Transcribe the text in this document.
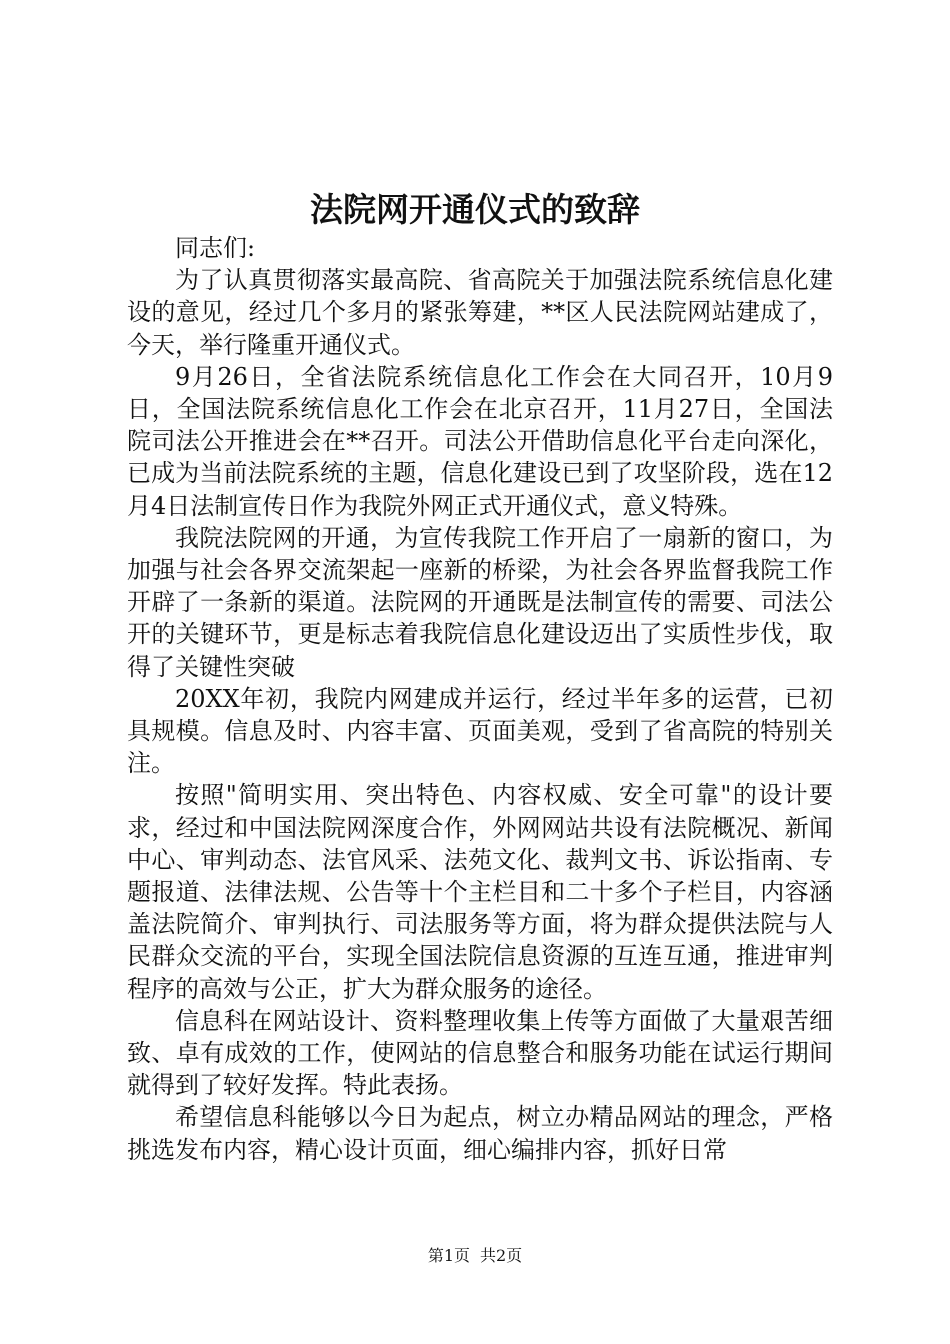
法院网开通仪式的致辞

同志们:

为了认真贯彻落实最高院、省高院关于加强法院系统信息化建设的意见，经过几个多月的紧张筹建，**区人民法院网站建成了，今天，举行隆重开通仪式。

9月26日，全省法院系统信息化工作会在大同召开，10月9日，全国法院系统信息化工作会在北京召开，11月27日，全国法院司法公开推进会在**召开。司法公开借助信息化平台走向深化，已成为当前法院系统的主题，信息化建设已到了攻坚阶段，选在12月4日法制宣传日作为我院外网正式开通仪式，意义特殊。

我院法院网的开通，为宣传我院工作开启了一扇新的窗口，为加强与社会各界交流架起一座新的桥梁，为社会各界监督我院工作开辟了一条新的渠道。法院网的开通既是法制宣传的需要、司法公开的关键环节，更是标志着我院信息化建设迈出了实质性步伐，取得了关键性突破

20XX年初，我院内网建成并运行，经过半年多的运营，已初具规模。信息及时、内容丰富、页面美观，受到了省高院的特别关注。

按照"简明实用、突出特色、内容权威、安全可靠"的设计要求，经过和中国法院网深度合作，外网网站共设有法院概况、新闻中心、审判动态、法官风采、法苑文化、裁判文书、诉讼指南、专题报道、法律法规、公告等十个主栏目和二十多个子栏目，内容涵盖法院简介、审判执行、司法服务等方面，将为群众提供法院与人民群众交流的平台，实现全国法院信息资源的互连互通，推进审判程序的高效与公正，扩大为群众服务的途径。

信息科在网站设计、资料整理收集上传等方面做了大量艰苦细致、卓有成效的工作，使网站的信息整合和服务功能在试运行期间就得到了较好发挥。特此表扬。

希望信息科能够以今日为起点，树立办精品网站的理念，严格挑选发布内容，精心设计页面，细心编排内容，抓好日常

第1页 共2页
